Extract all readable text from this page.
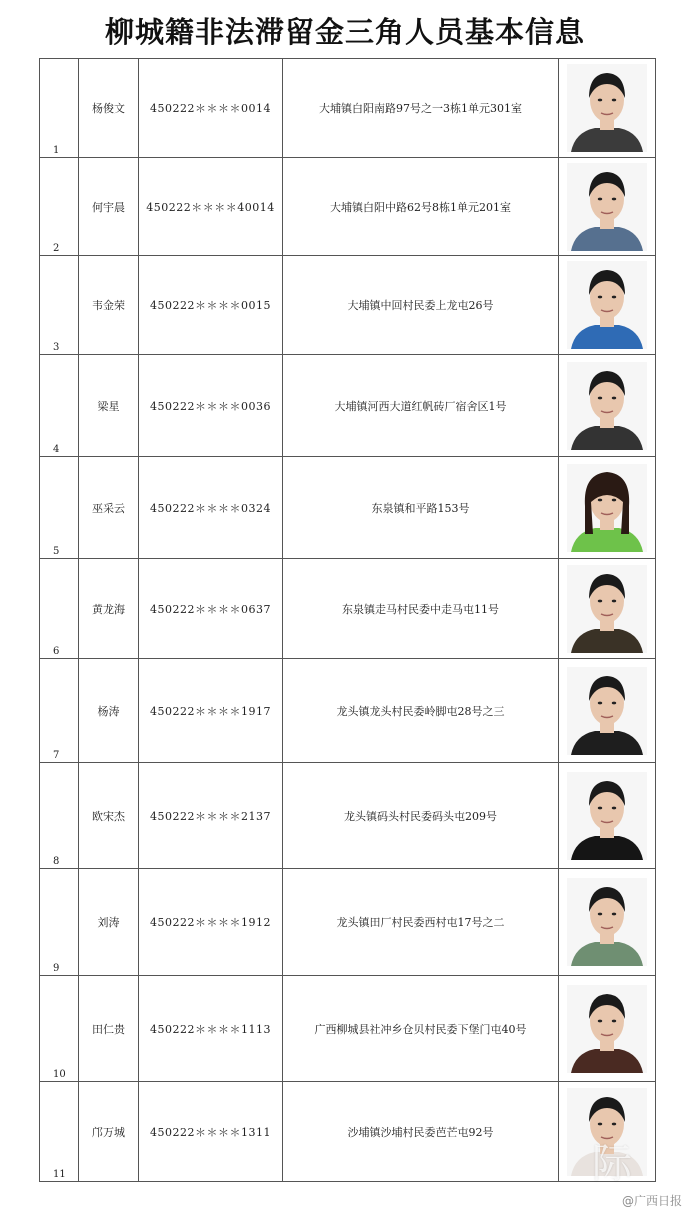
柳城籍非法滞留金三角人员基本信息
1	杨俊文	450222＊＊＊＊0014	大埔镇白阳南路97号之一3栋1单元301室	

2	何宇晨	450222＊＊＊＊40014	大埔镇白阳中路62号8栋1单元201室	

3	韦金荣	450222＊＊＊＊0015	大埔镇中回村民委上龙屯26号	

4	梁星	450222＊＊＊＊0036	大埔镇河西大道红帆砖厂宿舍区1号	

5	巫采云	450222＊＊＊＊0324	东泉镇和平路153号	

6	黄龙海	450222＊＊＊＊0637	东泉镇走马村民委中走马屯11号	

7	杨涛	450222＊＊＊＊1917	龙头镇龙头村民委岭脚屯28号之三	

8	欧宋杰	450222＊＊＊＊2137	龙头镇码头村民委码头屯209号	

9	刘涛	450222＊＊＊＊1912	龙头镇田厂村民委西村屯17号之二	

10	田仁贵	450222＊＊＊＊1113	广西柳城县社冲乡仓贝村民委下堡门屯40号	

11	邝万城	450222＊＊＊＊1311	沙埔镇沙埔村民委芭芒屯92号	
际
@广西日报
